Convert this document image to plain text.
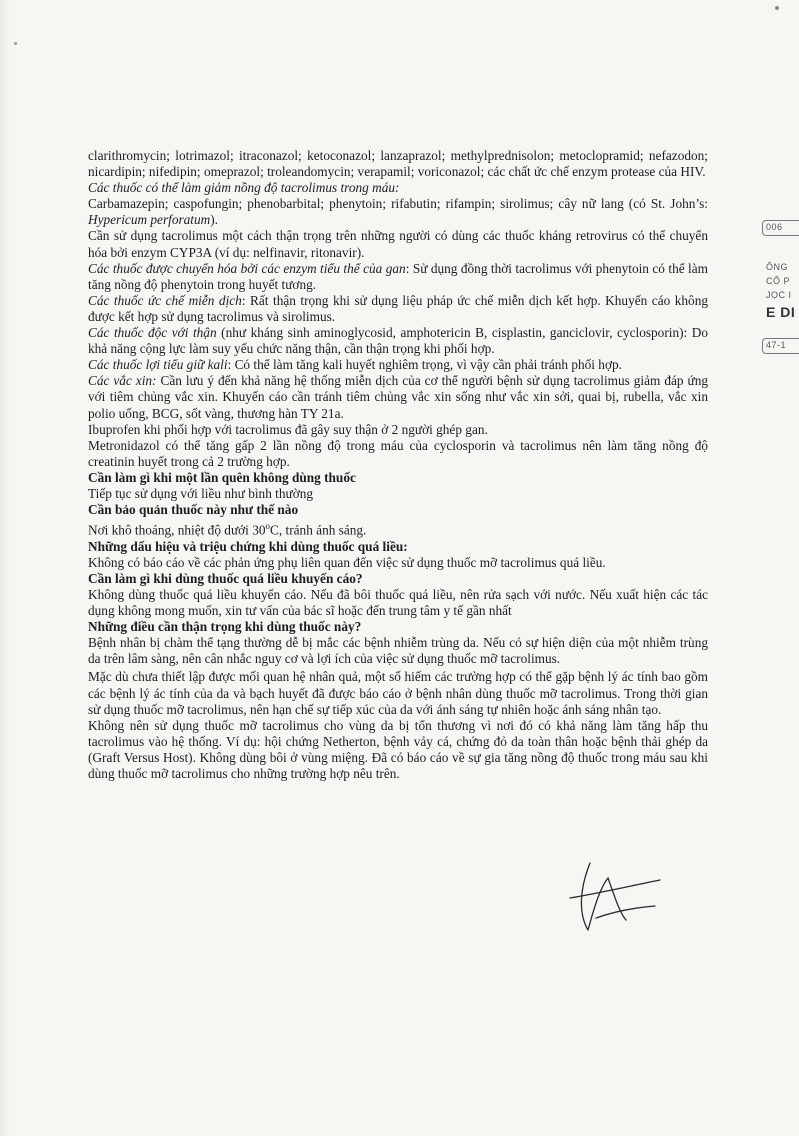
clarithromycin; lotrimazol; itraconazol; ketoconazol; lanzaprazol; methylprednisolon; metoclopramid; nefazodon; nicardipin; nifedipin; omeprazol; troleandomycin; verapamil; voriconazol; các chất ức chế enzym protease của HIV.

Các thuốc có thể làm giảm nồng độ tacrolimus trong máu:

Carbamazepin; caspofungin; phenobarbital; phenytoin; rifabutin; rifampin; sirolimus; cây nữ lang (có St. John’s: Hypericum perforatum).

Cần sử dụng tacrolimus một cách thận trọng trên những người có dùng các thuốc kháng retrovirus có thể chuyển hóa bởi enzym CYP3A (ví dụ: nelfinavir, ritonavir).

Các thuốc được chuyển hóa bởi các enzym tiểu thể của gan: Sử dụng đồng thời tacrolimus với phenytoin có thể làm tăng nồng độ phenytoin trong huyết tương.

Các thuốc ức chế miễn dịch: Rất thận trọng khi sử dụng liệu pháp ức chế miễn dịch kết hợp. Khuyến cáo không được kết hợp sử dụng tacrolimus và sirolimus.

Các thuốc độc với thận (như kháng sinh aminoglycosid, amphotericin B, cisplastin, ganciclovir, cyclosporin): Do khả năng cộng lực làm suy yếu chức năng thận, cần thận trọng khi phối hợp.

Các thuốc lợi tiểu giữ kali: Có thể làm tăng kali huyết nghiêm trọng, vì vậy cần phải tránh phối hợp.

Các vắc xin: Cần lưu ý đến khả năng hệ thống miễn dịch của cơ thể người bệnh sử dụng tacrolimus giảm đáp ứng với tiêm chủng vắc xin. Khuyến cáo cần tránh tiêm chủng vắc xin sống như vắc xin sởi, quai bị, rubella, vắc xin polio uống, BCG, sốt vàng, thương hàn TY 21a.

Ibuprofen khi phối hợp với tacrolimus đã gây suy thận ở 2 người ghép gan.

Metronidazol có thể tăng gấp 2 lần nồng độ trong máu của cyclosporin và tacrolimus nên làm tăng nồng độ creatinin huyết trong cả 2 trường hợp.

Cần làm gì khi một lần quên không dùng thuốc

Tiếp tục sử dụng với liều như bình thường

Cần bảo quản thuốc này như thế nào

Nơi khô thoáng, nhiệt độ dưới 30$^o$C, tránh ánh sáng.

Những dấu hiệu và triệu chứng khi dùng thuốc quá liều:

Không có báo cáo về các phản ứng phụ liên quan đến việc sử dụng thuốc mỡ tacrolimus quá liều.

Cần làm gì khi dùng thuốc quá liều khuyến cáo?

Không dùng thuốc quá liều khuyến cáo. Nếu đã bôi thuốc quá liều, nên rửa sạch với nước. Nếu xuất hiện các tác dụng không mong muốn, xin tư vấn của bác sĩ hoặc đến trung tâm y tế gần nhất

Những điều cần thận trọng khi dùng thuốc này?

Bệnh nhân bị chàm thể tạng thường dễ bị mắc các bệnh nhiễm trùng da. Nếu có sự hiện diện của một nhiễm trùng da trên lâm sàng, nên cân nhắc nguy cơ và lợi ích của việc sử dụng thuốc mỡ tacrolimus.

Mặc dù chưa thiết lập được mối quan hệ nhân quả, một số hiếm các trường hợp có thể gặp bệnh lý ác tính bao gồm các bệnh lý ác tính của da và bạch huyết đã được báo cáo ở bệnh nhân dùng thuốc mỡ tacrolimus. Trong thời gian sử dụng thuốc mỡ tacrolimus, nên hạn chế sự tiếp xúc của da với ánh sáng tự nhiên hoặc ánh sáng nhân tạo.

Không nên sử dụng thuốc mỡ tacrolimus cho vùng da bị tổn thương vì nơi đó có khả năng làm tăng hấp thu tacrolimus vào hệ thống. Ví dụ: hội chứng Netherton, bệnh vảy cá, chứng đỏ da toàn thân hoặc bệnh thải ghép da (Graft Versus Host). Không dùng bôi ở vùng miệng. Đã có báo cáo về sự gia tăng nồng độ thuốc trong máu sau khi dùng thuốc mỡ tacrolimus cho những trường hợp nêu trên.

006
ÔNG
CỔ P
JỌC I
E DI
47-1
